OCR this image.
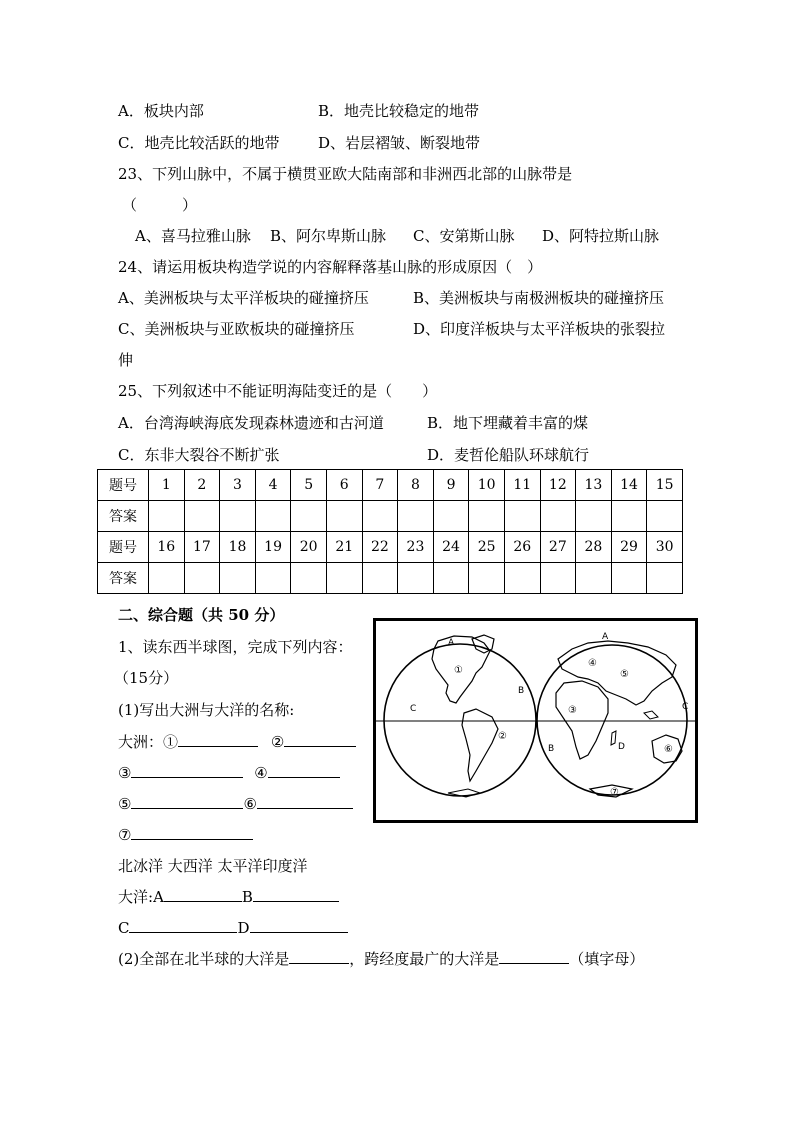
A．板块内部	B．地壳比较稳定的地带
C．地壳比较活跃的地带	D、岩层褶皱、断裂地带
23、下列山脉中，不属于横贯亚欧大陆南部和非洲西北部的山脉带是
（　　　）
A、喜马拉雅山脉 B、阿尔卑斯山脉 C、安第斯山脉 D、阿特拉斯山脉
24、请运用板块构造学说的内容解释落基山脉的形成原因（　）
A、美洲板块与太平洋板块的碰撞挤压	B、美洲板块与南极洲板块的碰撞挤压
C、美洲板块与亚欧板块的碰撞挤压	D、印度洋板块与太平洋板块的张裂拉
伸
25、下列叙述中不能证明海陆变迁的是（　　）
A．台湾海峡海底发现森林遗迹和古河道	B．地下埋藏着丰富的煤
C．东非大裂谷不断扩张	D．麦哲伦船队环球航行
题号	1	2	3	4	5	6	7	8	9	10	11	12	13	14	15
答案															
题号	16	17	18	19	20	21	22	23	24	25	26	27	28	29	30
答案															
二、综合题（共 50 分）
1、读东西半球图，完成下列内容：
（15分）
(1)写出大洲与大洋的名称:
大洲：①	②
③	④
⑤	⑥
⑦
北冰洋 大西洋 太平洋印度洋
大洋:A	B
C	D
(2)全部在北半球的大洋是	，跨经度最广的大洋是	（填字母）
A
B
C
①
②
A
B
C
D
③
④
⑤
⑥
⑦
